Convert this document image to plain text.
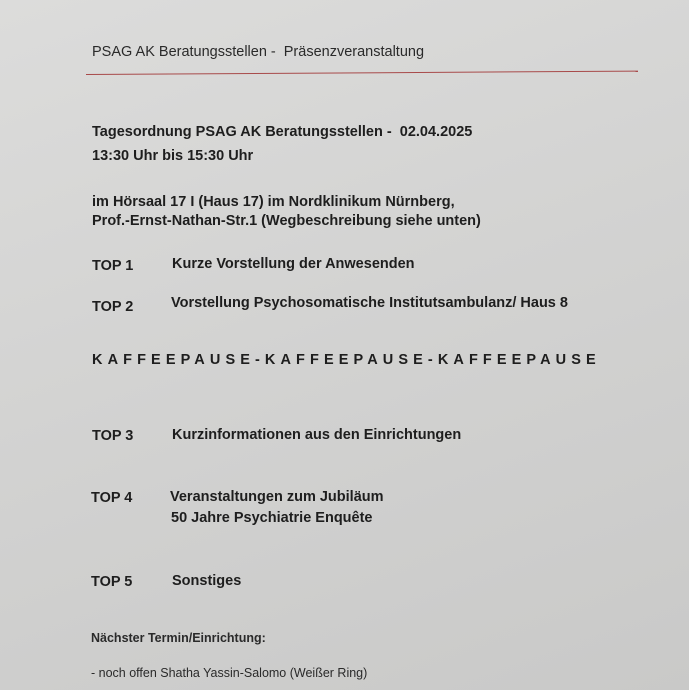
PSAG AK Beratungsstellen - Präsenzveranstaltung
Tagesordnung PSAG AK Beratungsstellen - 02.04.2025
13:30 Uhr bis 15:30 Uhr
im Hörsaal 17 I (Haus 17) im Nordklinikum Nürnberg,
Prof.-Ernst-Nathan-Str.1 (Wegbeschreibung siehe unten)
TOP 1	Kurze Vorstellung der Anwesenden
TOP 2	Vorstellung Psychosomatische Institutsambulanz/ Haus 8
KAFFEEPAUSE-KAFFEEPAUSE-KAFFEEPAUSE
TOP 3	Kurzinformationen aus den Einrichtungen
TOP 4	Veranstaltungen zum Jubiläum
50 Jahre Psychiatrie Enquête
TOP 5	Sonstiges
Nächster Termin/Einrichtung:
- noch offen Shatha Yassin-Salomo (Weißer Ring)
